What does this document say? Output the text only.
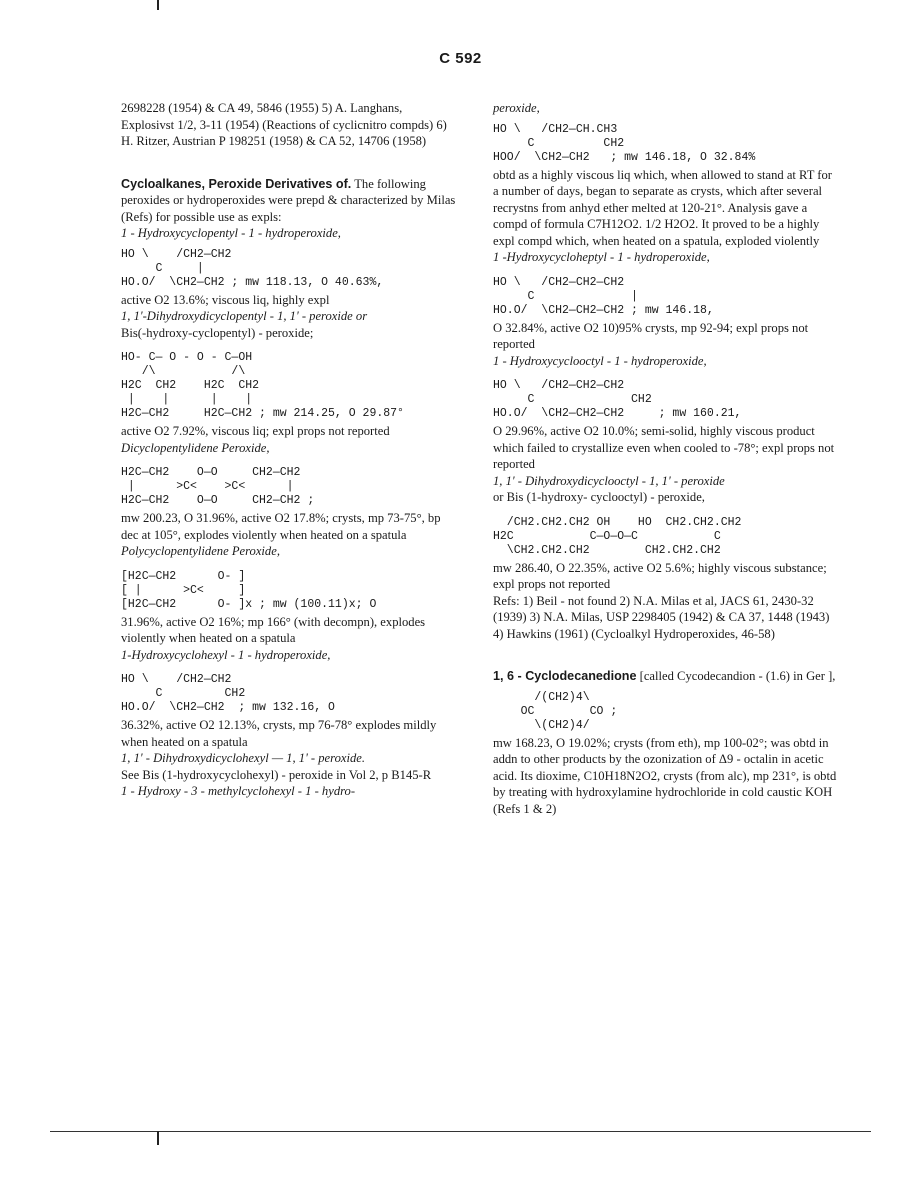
C 592

2698228 (1954) & CA 49, 5846 (1955) 5) A. Langhans, Explosivst 1/2, 3-11 (1954) (Reactions of cyclicnitro compds) 6) H. Ritzer, Austrian P 198251 (1958) & CA 52, 14706 (1958)

Cycloalkanes, Peroxide Derivatives of. The following peroxides or hydroperoxides were prepd & characterized by Milas (Refs) for possible use as expls:

1 - Hydroxycyclopentyl - 1 - hydroperoxide,

HO \    /CH2—CH2
C     |
HO.O/  \CH2—CH2 ; mw 118.13, O 40.63%,

active O2 13.6%; viscous liq, highly expl

1, 1'-Dihydroxydicyclopentyl - 1, 1' - peroxide or

Bis(-hydroxy-cyclopentyl) - peroxide;

HO- C— O - O - C—OH
/\           /\
H2C  CH2    H2C  CH2
|    |      |    |
H2C—CH2     H2C—CH2 ; mw 214.25, O 29.87°

active O2 7.92%, viscous liq; expl props not reported

Dicyclopentylidene Peroxide,

H2C—CH2    O—O     CH2—CH2
|      >C<    >C<      |
H2C—CH2    O—O     CH2—CH2 ;

mw 200.23, O 31.96%, active O2 17.8%; crysts, mp 73-75°, bp dec at 105°, explodes violently when heated on a spatula

Polycyclopentylidene Peroxide,

[H2C—CH2      O- ]
[ |      >C<     ]
[H2C—CH2      O- ]x ; mw (100.11)x; O

31.96%, active O2 16%; mp 166° (with decompn), explodes violently when heated on a spatula

1-Hydroxycyclohexyl - 1 - hydroperoxide,

HO \    /CH2—CH2
C         CH2
HO.O/  \CH2—CH2  ; mw 132.16, O

36.32%, active O2 12.13%, crysts, mp 76-78° explodes mildly when heated on a spatula

1, 1' - Dihydroxydicyclohexyl — 1, 1' - peroxide.

See Bis (1-hydroxycyclohexyl) - peroxide in Vol 2, p B145-R

1 - Hydroxy - 3 - methylcyclohexyl - 1 - hydro-

peroxide,

HO \   /CH2—CH.CH3
C          CH2
HOO/  \CH2—CH2   ; mw 146.18, O 32.84%

obtd as a highly viscous liq which, when allowed to stand at RT for a number of days, began to separate as crysts, which after several recrystns from anhyd ether melted at 120-21°. Analysis gave a compd of formula C7H12O2. 1/2 H2O2. It proved to be a highly expl compd which, when heated on a spatula, exploded violently

1 -Hydroxycycloheptyl - 1 - hydroperoxide,

HO \   /CH2—CH2—CH2
C              |
HO.O/  \CH2—CH2—CH2 ; mw 146.18,

O 32.84%, active O2 10)95% crysts, mp 92-94; expl props not reported

1 - Hydroxycyclooctyl - 1 - hydroperoxide,

HO \   /CH2—CH2—CH2
C              CH2
HO.O/  \CH2—CH2—CH2     ; mw 160.21,

O 29.96%, active O2 10.0%; semi-solid, highly viscous product which failed to crystallize even when cooled to -78°; expl props not reported

1, 1' - Dihydroxydicyclooctyl - 1, 1' - peroxide

or Bis (1-hydroxy- cyclooctyl) - peroxide,

/CH2.CH2.CH2 OH    HO  CH2.CH2.CH2
H2C           C—O—O—C           C
\CH2.CH2.CH2        CH2.CH2.CH2

mw 286.40, O 22.35%, active O2 5.6%; highly viscous substance; expl props not reported

Refs: 1) Beil - not found 2) N.A. Milas et al, JACS 61, 2430-32 (1939) 3) N.A. Milas, USP 2298405 (1942) & CA 37, 1448 (1943) 4) Hawkins (1961) (Cycloalkyl Hydroperoxides, 46-58)

1, 6 - Cyclodecanedione [called Cycodecandion - (1.6) in Ger ],

/(CH2)4\
OC        CO ;
\(CH2)4/

mw 168.23, O 19.02%; crysts (from eth), mp 100-02°; was obtd in addn to other products by the ozonization of Δ9 - octalin in acetic acid. Its dioxime, C10H18N2O2, crysts (from alc), mp 231°, is obtd by treating with hydroxylamine hydrochloride in cold caustic KOH (Refs 1 & 2)
